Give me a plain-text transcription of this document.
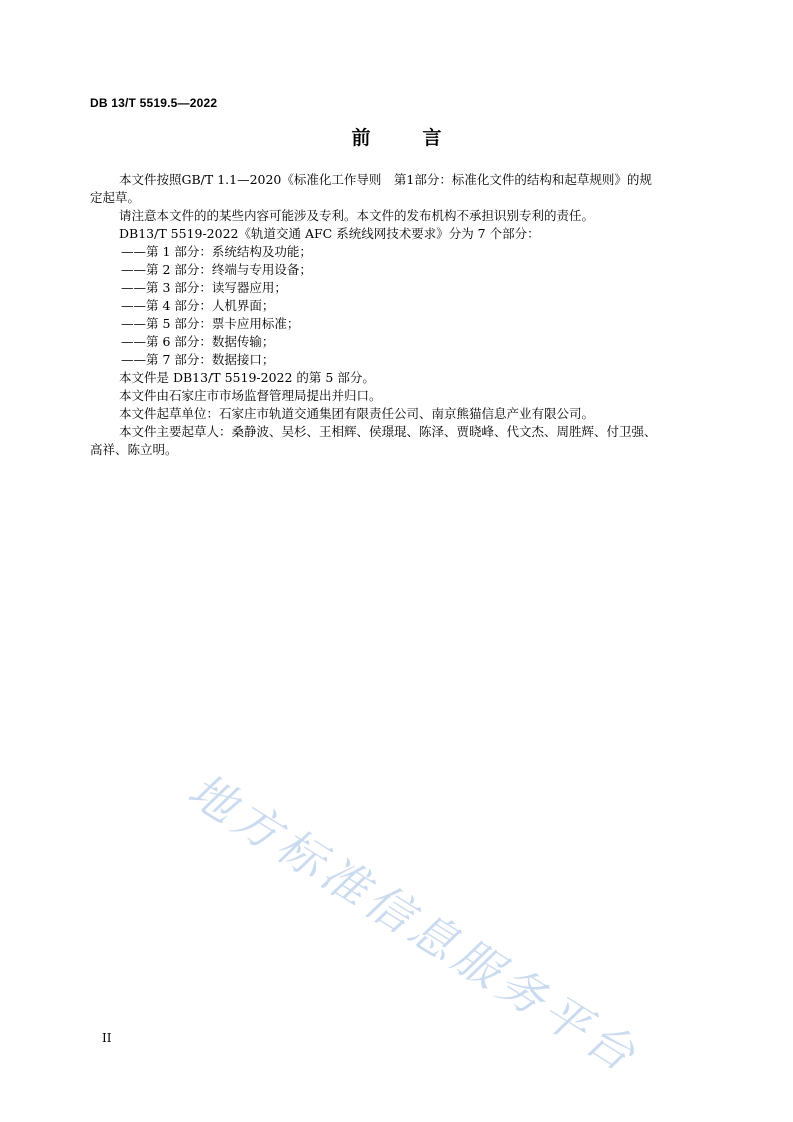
DB 13/T 5519.5—2022
前	言

本文件按照GB/T 1.1—2020《标准化工作导则　第1部分：标准化文件的结构和起草规则》的规

定起草。

请注意本文件的的某些内容可能涉及专利。本文件的发布机构不承担识别专利的责任。

DB13/T 5519-2022《轨道交通 AFC 系统线网技术要求》分为 7 个部分：

——第 1 部分：系统结构及功能；

——第 2 部分：终端与专用设备；

——第 3 部分：读写器应用；

——第 4 部分：人机界面；

——第 5 部分：票卡应用标准；

——第 6 部分：数据传输；

——第 7 部分：数据接口；

本文件是 DB13/T 5519-2022 的第 5 部分。

本文件由石家庄市市场监督管理局提出并归口。

本文件起草单位：石家庄市轨道交通集团有限责任公司、南京熊猫信息产业有限公司。

本文件主要起草人：桑静波、吴杉、王相辉、侯璟琨、陈泽、贾晓峰、代文杰、周胜辉、付卫强、

高祥、陈立明。

地方标准信息服务平台
II
